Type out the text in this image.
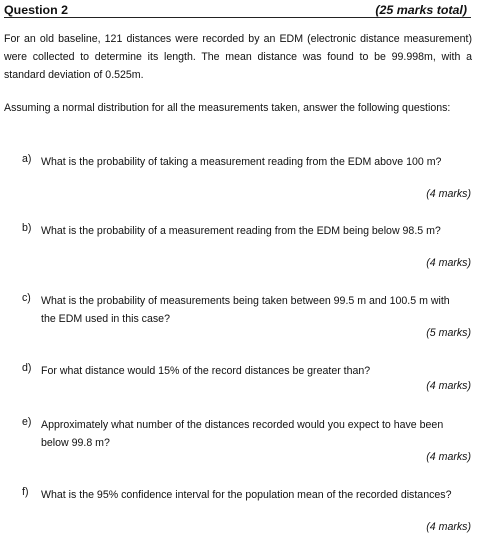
Question 2	(25 marks total)
For an old baseline, 121 distances were recorded by an EDM (electronic distance measurement) were collected to determine its length. The mean distance was found to be 99.998m, with a standard deviation of 0.525m.
Assuming a normal distribution for all the measurements taken, answer the following questions:
a) What is the probability of taking a measurement reading from the EDM above 100 m?
(4 marks)
b) What is the probability of a measurement reading from the EDM being below 98.5 m?
(4 marks)
c) What is the probability of measurements being taken between 99.5 m and 100.5 m with the EDM used in this case?
(5 marks)
d) For what distance would 15% of the record distances be greater than?
(4 marks)
e) Approximately what number of the distances recorded would you expect to have been below 99.8 m?
(4 marks)
f) What is the 95% confidence interval for the population mean of the recorded distances?
(4 marks)
